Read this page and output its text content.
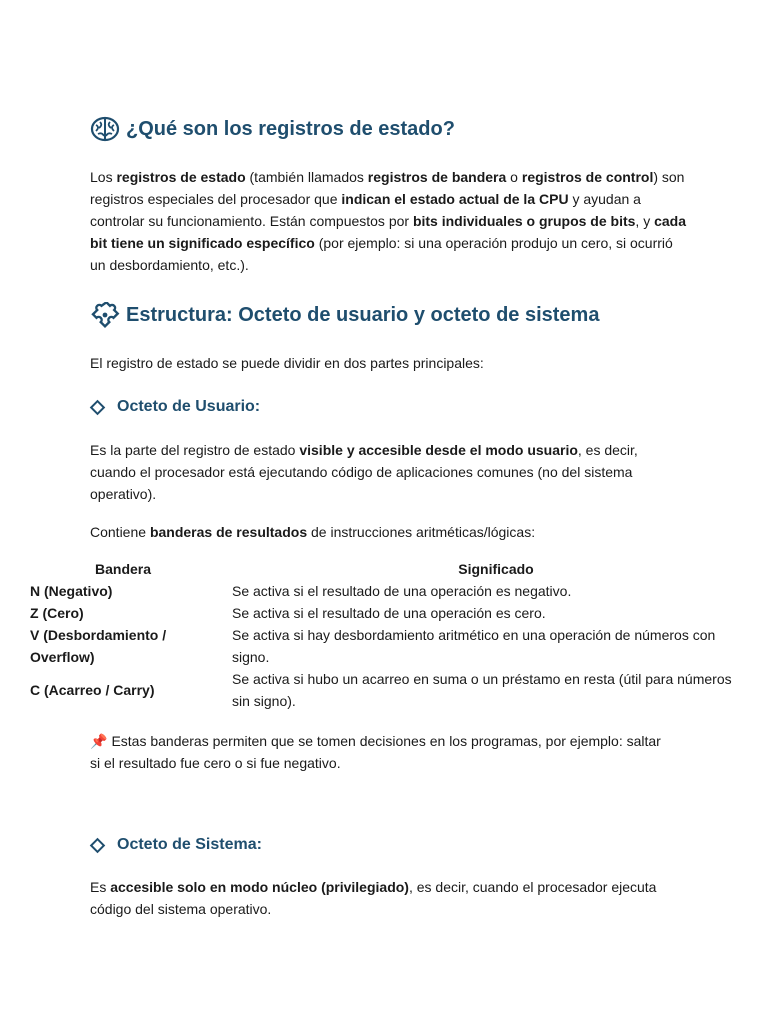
¿Qué son los registros de estado?

Los registros de estado (también llamados registros de bandera o registros de control) son registros especiales del procesador que indican el estado actual de la CPU y ayudan a controlar su funcionamiento. Están compuestos por bits individuales o grupos de bits, y cada bit tiene un significado específico (por ejemplo: si una operación produjo un cero, si ocurrió un desbordamiento, etc.).

Estructura: Octeto de usuario y octeto de sistema

El registro de estado se puede dividir en dos partes principales:

Octeto de Usuario:

Es la parte del registro de estado visible y accesible desde el modo usuario, es decir, cuando el procesador está ejecutando código de aplicaciones comunes (no del sistema operativo).

Contiene banderas de resultados de instrucciones aritméticas/lógicas:

📌 Estas banderas permiten que se tomen decisiones en los programas, por ejemplo: saltar si el resultado fue cero o si fue negativo.

Octeto de Sistema:

Es accesible solo en modo núcleo (privilegiado), es decir, cuando el procesador ejecuta código del sistema operativo.

Bandera	Significado
N (Negativo)	Se activa si el resultado de una operación es negativo.
Z (Cero)	Se activa si el resultado de una operación es cero.
V (Desbordamiento / Overflow)	Se activa si hay desbordamiento aritmético en una operación de números con signo.
C (Acarreo / Carry)	Se activa si hubo un acarreo en suma o un préstamo en resta (útil para números sin signo).
